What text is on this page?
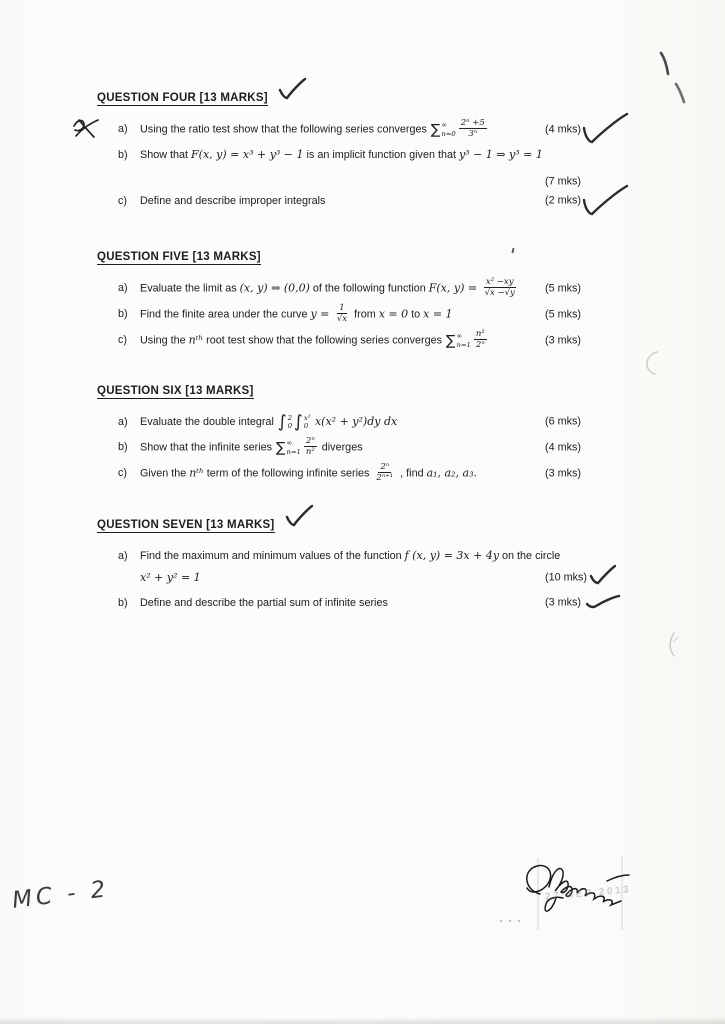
QUESTION FOUR [13 MARKS]
a)	Using the ratio test show that the following series converges ∑ ∞
$n=0 \frac{\text{2ⁿ +5}}{\text{3ⁿ}}$	(4 mks)
b)	Show that F(x, y) = x³ + y³ − 1 is an implicit function given that y³ − 1 ⇒ y³ = 1
(7 mks)
c)	Define and describe improper integrals	(2 mks)
QUESTION FIVE [13 MARKS]
a)	Evaluate the limit as (x, y) ⇒ (0,0) of the following function F(x, $y) = \frac{\text{x² −xy}}{√x -√y}$	(5 mks)
b)	Find the finite area under the curve $y = \frac{1}{√x}$ from x = 0 to x = 1	(5 mks)
c)	Using the nᵗʰ root test show that the following series converges ∑ ∞
$n=1 \frac{\text{n²}}{\text{2ⁿ}}$	(3 mks)
QUESTION SIX [13 MARKS]
a)	Evaluate the double integral ∫ 2
0 ∫ x²
0 x(x² + y²)dy dx	(6 mks)
b)	Show that the infinite series ∑ ∞
$n=1 \frac{\text{2ⁿ}}{\text{n²}}$ diverges	(4 mks)
c)	Given the nᵗʰ term of the following infinite series $\frac{\text{2ⁿ}}{\text{2ⁿ⁺¹}}$ , find a₁, a₂, a₃.	(3 mks)
QUESTION SEVEN [13 MARKS]
a)	Find the maximum and minimum values of the function f (x, y) = 3x + 4y on the circle
x² + y² = 1	(10 mks)
b)	Define and describe the partial sum of infinite series	(3 mks)
MC - 2	27 SEP 2013
